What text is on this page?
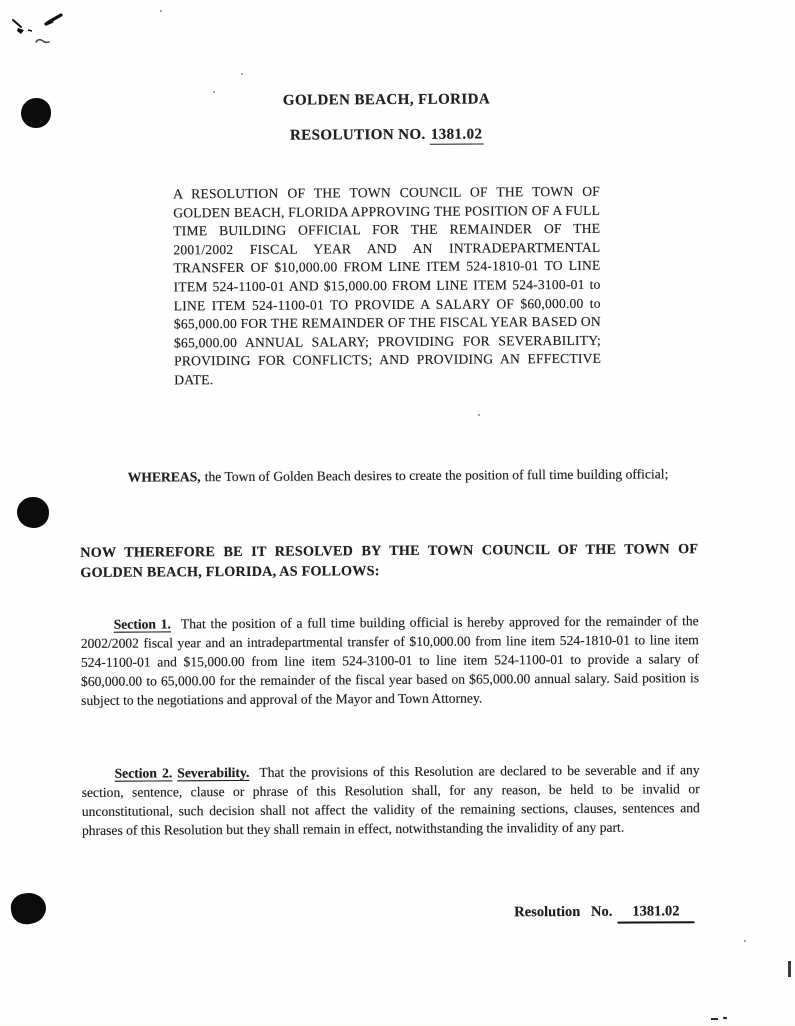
GOLDEN BEACH, FLORIDA
RESOLUTION NO. 1381.02
A RESOLUTION OF THE TOWN COUNCIL OF THE TOWN OF GOLDEN BEACH, FLORIDA APPROVING THE POSITION OF A FULL TIME BUILDING OFFICIAL FOR THE REMAINDER OF THE 2001/2002 FISCAL YEAR AND AN INTRADEPARTMENTAL TRANSFER OF $10,000.00 FROM LINE ITEM 524-1810-01 TO LINE ITEM 524-1100-01 AND $15,000.00 FROM LINE ITEM 524-3100-01 to LINE ITEM 524-1100-01 TO PROVIDE A SALARY OF $60,000.00 to $65,000.00 FOR THE REMAINDER OF THE FISCAL YEAR BASED ON $65,000.00 ANNUAL SALARY; PROVIDING FOR SEVERABILITY; PROVIDING FOR CONFLICTS; AND PROVIDING AN EFFECTIVE DATE.
WHEREAS, the Town of Golden Beach desires to create the position of full time building official;
NOW THEREFORE BE IT RESOLVED BY THE TOWN COUNCIL OF THE TOWN OF GOLDEN BEACH, FLORIDA, AS FOLLOWS:
Section 1. That the position of a full time building official is hereby approved for the remainder of the 2002/2002 fiscal year and an intradepartmental transfer of $10,000.00 from line item 524-1810-01 to line item 524-1100-01 and $15,000.00 from line item 524-3100-01 to line item 524-1100-01 to provide a salary of $60,000.00 to 65,000.00 for the remainder of the fiscal year based on $65,000.00 annual salary. Said position is subject to the negotiations and approval of the Mayor and Town Attorney.
Section 2. Severability. That the provisions of this Resolution are declared to be severable and if any section, sentence, clause or phrase of this Resolution shall, for any reason, be held to be invalid or unconstitutional, such decision shall not affect the validity of the remaining sections, clauses, sentences and phrases of this Resolution but they shall remain in effect, notwithstanding the invalidity of any part.
Resolution No. 1381.02
